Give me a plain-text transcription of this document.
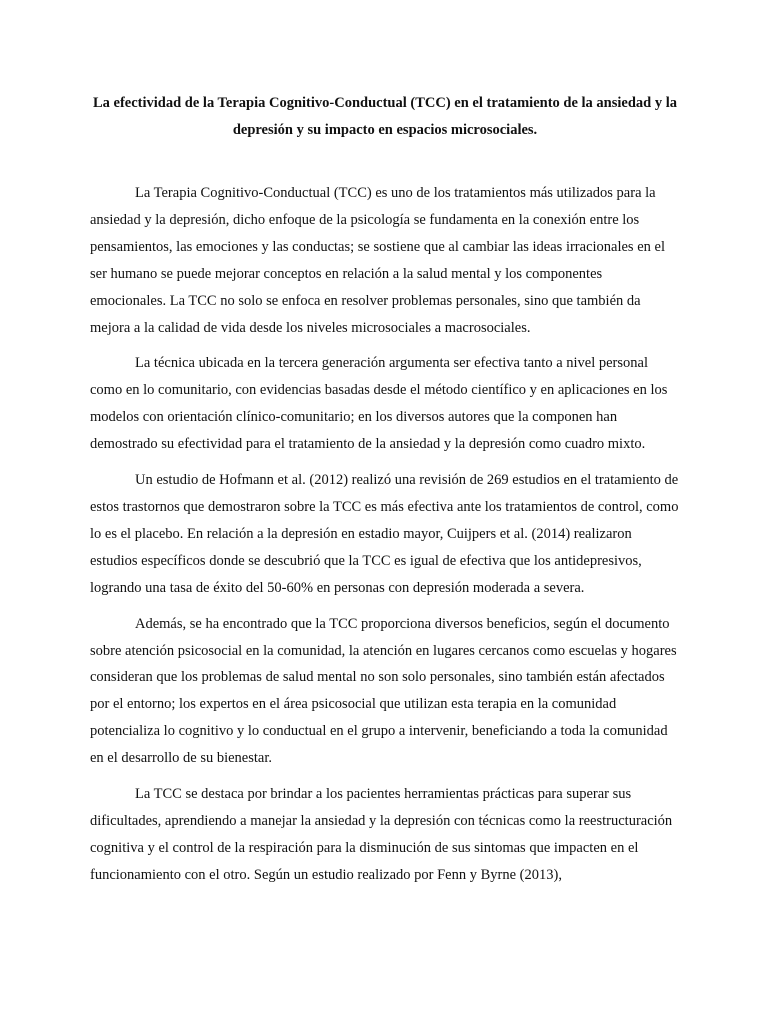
La efectividad de la Terapia Cognitivo-Conductual (TCC) en el tratamiento de la ansiedad y la depresión y su impacto en espacios microsociales.

La Terapia Cognitivo-Conductual (TCC) es uno de los tratamientos más utilizados para la ansiedad y la depresión, dicho enfoque de la psicología se fundamenta en la conexión entre los pensamientos, las emociones y las conductas; se sostiene que al cambiar las ideas irracionales en el ser humano se puede mejorar conceptos en relación a la salud mental y los componentes emocionales. La TCC no solo se enfoca en resolver problemas personales, sino que también da mejora a la calidad de vida desde los niveles microsociales a macrosociales.

La técnica ubicada en la tercera generación argumenta ser efectiva tanto a nivel personal como en lo comunitario, con evidencias basadas desde el método científico y en aplicaciones en los modelos con orientación clínico-comunitario; en los diversos autores que la componen han demostrado su efectividad para el tratamiento de la ansiedad y la depresión como cuadro mixto.

Un estudio de Hofmann et al. (2012) realizó una revisión de 269 estudios en el tratamiento de estos trastornos que demostraron sobre la TCC es más efectiva ante los tratamientos de control, como lo es el placebo. En relación a la depresión en estadio mayor, Cuijpers et al. (2014) realizaron estudios específicos donde se descubrió que la TCC es igual de efectiva que los antidepresivos, logrando una tasa de éxito del 50-60% en personas con depresión moderada a severa.

Además, se ha encontrado que la TCC proporciona diversos beneficios, según el documento sobre atención psicosocial en la comunidad, la atención en lugares cercanos como escuelas y hogares consideran que los problemas de salud mental no son solo personales, sino también están afectados por el entorno; los expertos en el área psicosocial que utilizan esta terapia en la comunidad potencializa lo cognitivo y lo conductual en el grupo a intervenir, beneficiando a toda la comunidad en el desarrollo de su bienestar.

La TCC se destaca por brindar a los pacientes herramientas prácticas para superar sus dificultades, aprendiendo a manejar la ansiedad y la depresión con técnicas como la reestructuración cognitiva y el control de la respiración para la disminución de sus sintomas que impacten en el funcionamiento con el otro. Según un estudio realizado por Fenn y Byrne (2013),
